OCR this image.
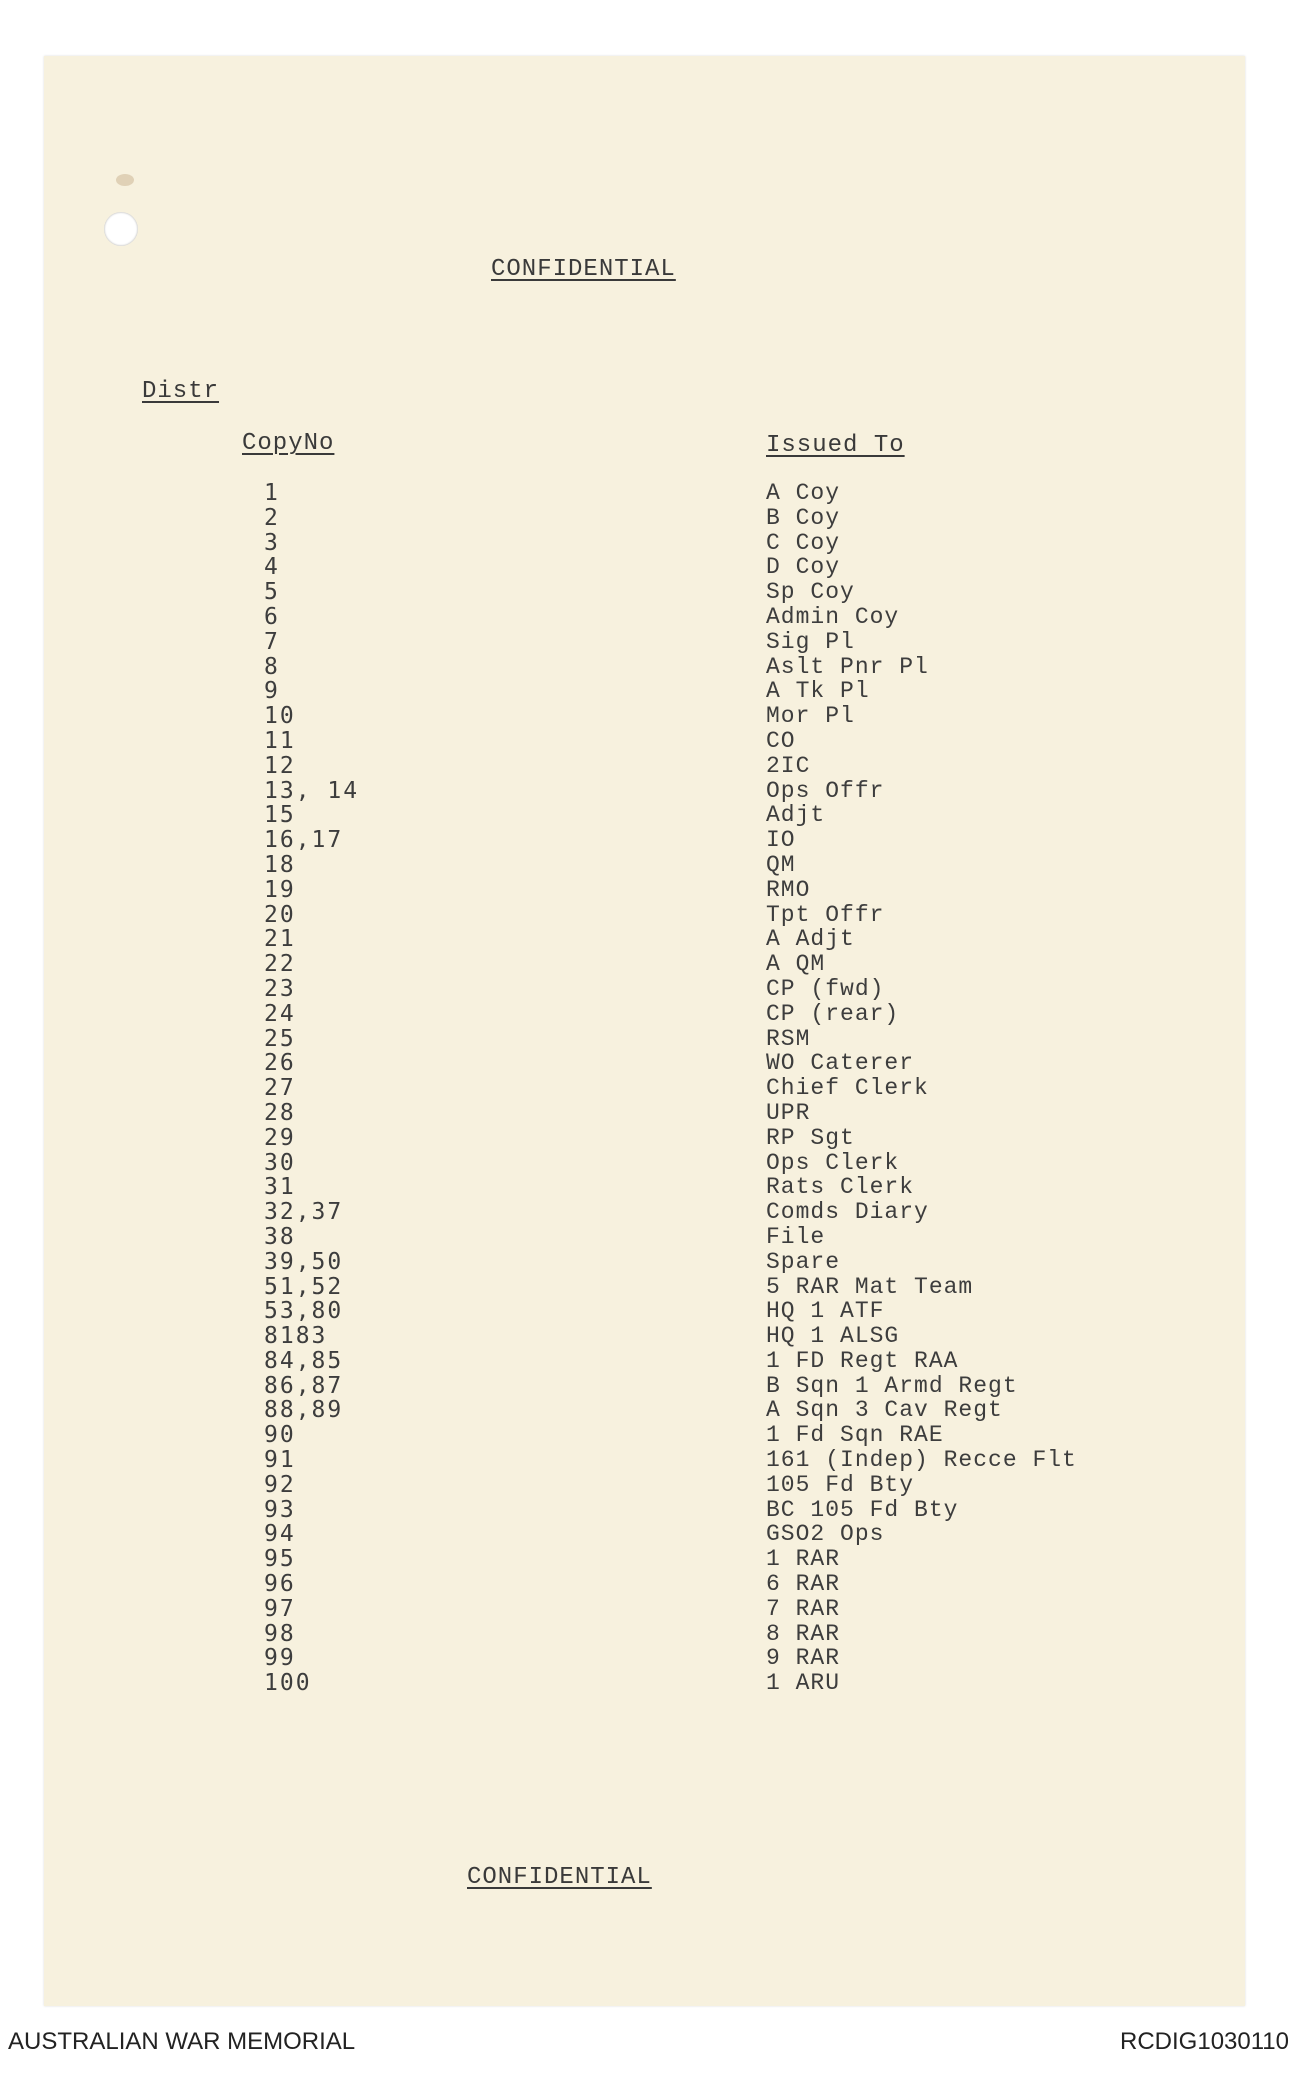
CONFIDENTIAL
Distr
CopyNo	Issued To
1	A Coy
2	B Coy
3	C Coy
4	D Coy
5	Sp Coy
6	Admin Coy
7	Sig Pl
8	Aslt Pnr Pl
9	A Tk Pl
10	Mor Pl
11	CO
12	2IC
13, 14	Ops Offr
15	Adjt
16,17	IO
18	QM
19	RMO
20	Tpt Offr
21	A Adjt
22	A QM
23	CP (fwd)
24	CP (rear)
25	RSM
26	WO Caterer
27	Chief Clerk
28	UPR
29	RP Sgt
30	Ops Clerk
31	Rats Clerk
32,37	Comds Diary
38	File
39,50	Spare
51,52	5 RAR Mat Team
53,80	HQ 1 ATF
8183	HQ 1 ALSG
84,85	1 FD Regt RAA
86,87	B Sqn 1 Armd Regt
88,89	A Sqn 3 Cav Regt
90	1 Fd Sqn RAE
91	161 (Indep) Recce Flt
92	105 Fd Bty
93	BC 105 Fd Bty
94	GSO2 Ops
95	1 RAR
96	6 RAR
97	7 RAR
98	8 RAR
99	9 RAR
100	1 ARU
CONFIDENTIAL
AUSTRALIAN WAR MEMORIAL	RCDIG1030110
